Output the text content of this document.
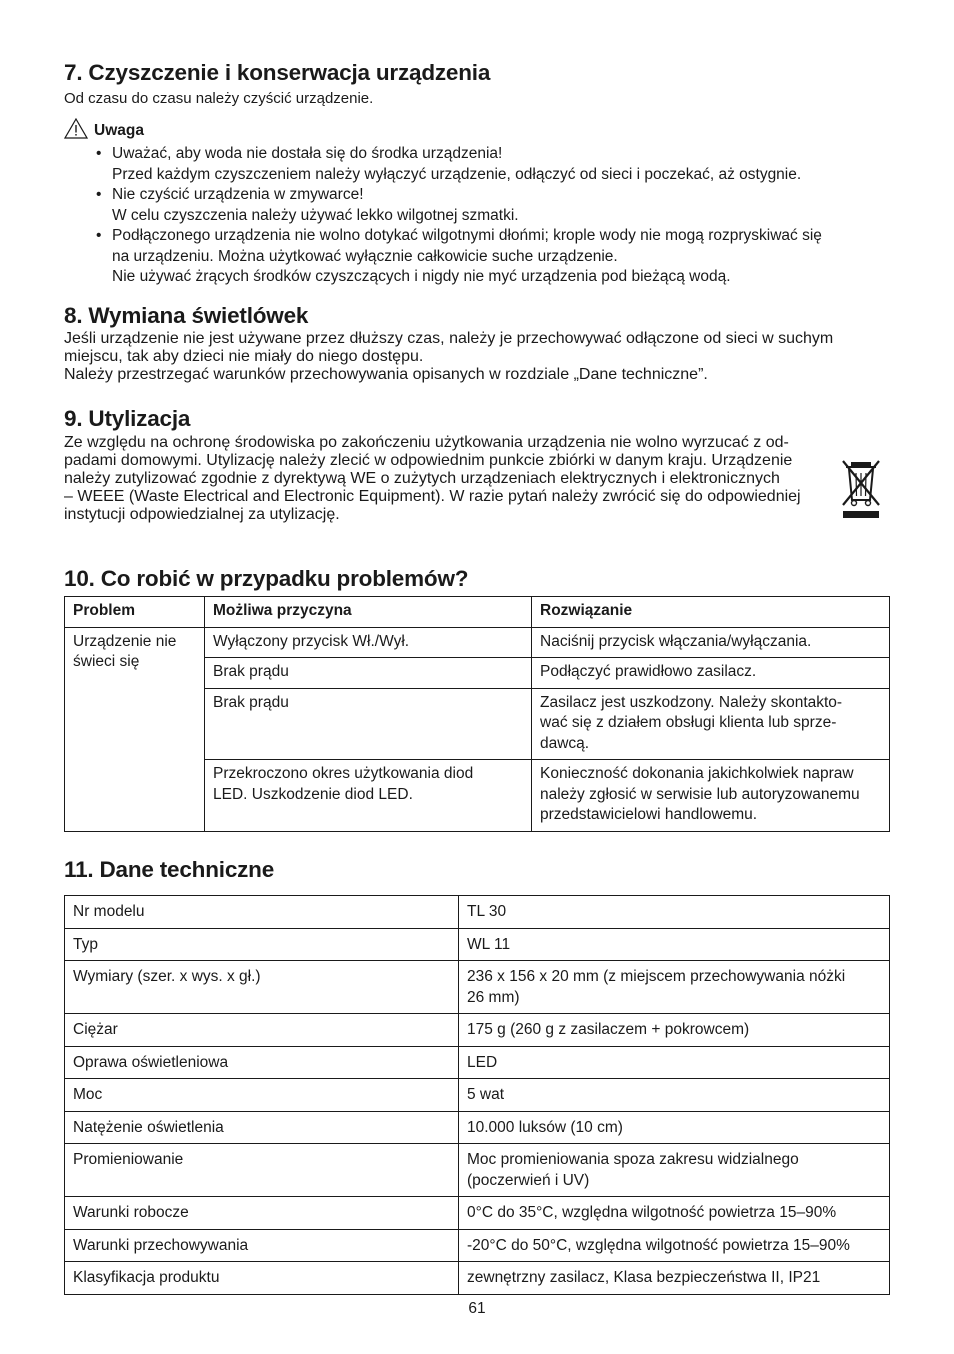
7. Czyszczenie i konserwacja urządzenia

Od czasu do czasu należy czyścić urządzenie.

Uwaga
• Uważać, aby woda nie dostała się do środka urządzenia!
Przed każdym czyszczeniem należy wyłączyć urządzenie, odłączyć od sieci i poczekać, aż ostygnie.
• Nie czyścić urządzenia w zmywarce!
W celu czyszczenia należy używać lekko wilgotnej szmatki.
• Podłączonego urządzenia nie wolno dotykać wilgotnymi dłońmi; krople wody nie mogą rozpryskiwać się
na urządzeniu. Można użytkować wyłącznie całkowicie suche urządzenie.
Nie używać żrących środków czyszczących i nigdy nie myć urządzenia pod bieżącą wodą.
8. Wymiana świetlówek
Jeśli urządzenie nie jest używane przez dłuższy czas, należy je przechowywać odłączone od sieci w suchym
miejscu, tak aby dzieci nie miały do niego dostępu.
Należy przestrzegać warunków przechowywania opisanych w rozdziale „Dane techniczne”.
9. Utylizacja
Ze względu na ochronę środowiska po zakończeniu użytkowania urządzenia nie wolno wyrzucać z od-
padami domowymi. Utylizację należy zlecić w odpowiednim punkcie zbiórki w danym kraju. Urządzenie
należy zutylizować zgodnie z dyrektywą WE o zużytych urządzeniach elektrycznych i elektronicznych
– WEEE (Waste Electrical and Electronic Equipment). W razie pytań należy zwrócić się do odpowiedniej
instytucji odpowiedzialnej za utylizację.
10. Co robić w przypadku problemów?
Problem	Możliwa przyczyna	Rozwiązanie

Urządzenie nie
świeci się	Wyłączony przycisk Wł./Wył.	Naciśnij przycisk włączania/wyłączania.

	Brak prądu	Podłączyć prawidłowo zasilacz.

	Brak prądu	Zasilacz jest uszkodzony. Należy skontakto-
wać się z działem obsługi klienta lub sprze-
dawcą.

	Przekroczono okres użytkowania diod
LED. Uszkodzenie diod LED.	Konieczność dokonania jakichkolwiek napraw
należy zgłosić w serwisie lub autoryzowanemu
przedstawicielowi handlowemu.
11. Dane techniczne
Nr modelu	TL 30

Typ	WL 11

Wymiary (szer. x wys. x gł.)	236 x 156 x 20 mm (z miejscem przechowywania nóżki
26 mm)

Ciężar	175 g (260 g z zasilaczem + pokrowcem)

Oprawa oświetleniowa	LED

Moc	5 wat

Natężenie oświetlenia	10.000 luksów (10 cm)

Promieniowanie	Moc promieniowania spoza zakresu widzialnego
(poczerwień i UV)

Warunki robocze	0°C do 35°C, względna wilgotność powietrza 15–90%

Warunki przechowywania	-20°C do 50°C, względna wilgotność powietrza 15–90%

Klasyfikacja produktu	zewnętrzny zasilacz, Klasa bezpieczeństwa II, IP21
61
